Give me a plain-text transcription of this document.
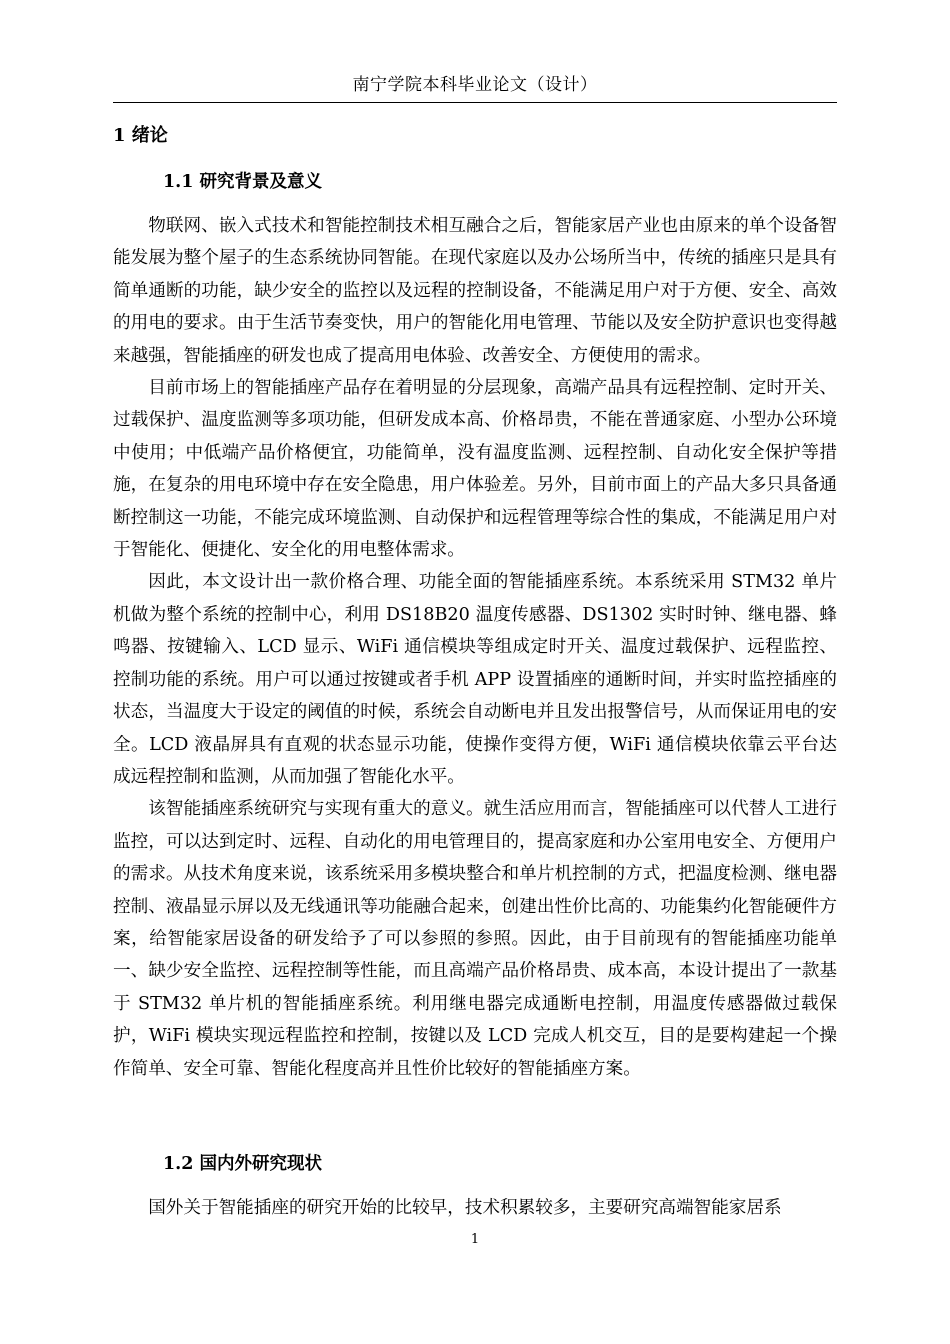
南宁学院本科毕业论文（设计）
1 绪论
1.1 研究背景及意义

物联网、嵌入式技术和智能控制技术相互融合之后，智能家居产业也由原来的单个设备智能发展为整个屋子的生态系统协同智能。在现代家庭以及办公场所当中，传统的插座只是具有简单通断的功能，缺少安全的监控以及远程的控制设备，不能满足用户对于方便、安全、高效的用电的要求。由于生活节奏变快，用户的智能化用电管理、节能以及安全防护意识也变得越来越强，智能插座的研发也成了提高用电体验、改善安全、方便使用的需求。

目前市场上的智能插座产品存在着明显的分层现象，高端产品具有远程控制、定时开关、过载保护、温度监测等多项功能，但研发成本高、价格昂贵，不能在普通家庭、小型办公环境中使用；中低端产品价格便宜，功能简单，没有温度监测、远程控制、自动化安全保护等措施，在复杂的用电环境中存在安全隐患，用户体验差。另外，目前市面上的产品大多只具备通断控制这一功能，不能完成环境监测、自动保护和远程管理等综合性的集成，不能满足用户对于智能化、便捷化、安全化的用电整体需求。

因此，本文设计出一款价格合理、功能全面的智能插座系统。本系统采用 STM32 单片机做为整个系统的控制中心，利用 DS18B20 温度传感器、DS1302 实时时钟、继电器、蜂鸣器、按键输入、LCD 显示、WiFi 通信模块等组成定时开关、温度过载保护、远程监控、控制功能的系统。用户可以通过按键或者手机 APP 设置插座的通断时间，并实时监控插座的状态，当温度大于设定的阈值的时候，系统会自动断电并且发出报警信号，从而保证用电的安全。LCD 液晶屏具有直观的状态显示功能，使操作变得方便，WiFi 通信模块依靠云平台达成远程控制和监测，从而加强了智能化水平。

该智能插座系统研究与实现有重大的意义。就生活应用而言，智能插座可以代替人工进行监控，可以达到定时、远程、自动化的用电管理目的，提高家庭和办公室用电安全、方便用户的需求。从技术角度来说，该系统采用多模块整合和单片机控制的方式，把温度检测、继电器控制、液晶显示屏以及无线通讯等功能融合起来，创建出性价比高的、功能集约化智能硬件方案，给智能家居设备的研发给予了可以参照的参照。因此，由于目前现有的智能插座功能单一、缺少安全监控、远程控制等性能，而且高端产品价格昂贵、成本高，本设计提出了一款基于 STM32 单片机的智能插座系统。利用继电器完成通断电控制，用温度传感器做过载保护，WiFi 模块实现远程监控和控制，按键以及 LCD 完成人机交互，目的是要构建起一个操作简单、安全可靠、智能化程度高并且性价比较好的智能插座方案。

1.2 国内外研究现状

国外关于智能插座的研究开始的比较早，技术积累较多，主要研究高端智能家居系

1
